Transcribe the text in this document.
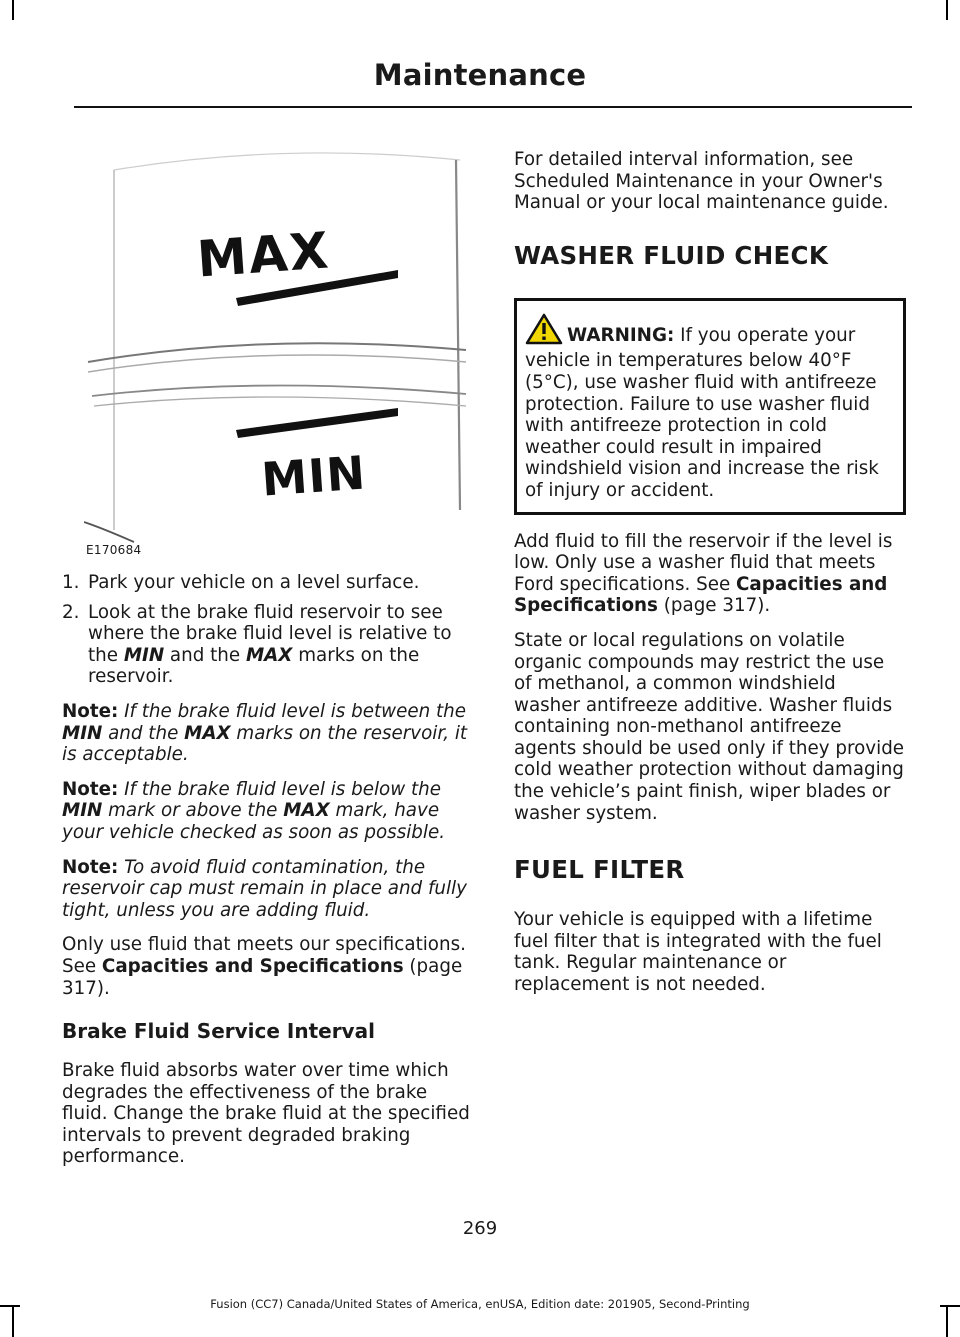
Maintenance
MAX
MIN
E170684
1. Park your vehicle on a level surface.
2. Look at the brake fluid reservoir to see where the brake fluid level is relative to the MIN and the MAX marks on the reservoir.

Note: If the brake fluid level is between the MIN and the MAX marks on the reservoir, it is acceptable.

Note: If the brake fluid level is below the MIN mark or above the MAX mark, have your vehicle checked as soon as possible.

Note: To avoid fluid contamination, the reservoir cap must remain in place and fully tight, unless you are adding fluid.

Only use fluid that meets our specifications. See Capacities and Specifications (page 317).

Brake Fluid Service Interval

Brake fluid absorbs water over time which degrades the effectiveness of the brake fluid. Change the brake fluid at the specified intervals to prevent degraded braking performance.

For detailed interval information, see Scheduled Maintenance in your Owner's Manual or your local maintenance guide.

WASHER FLUID CHECK
WARNING: If you operate your vehicle in temperatures below 40°F (5°C), use washer fluid with antifreeze protection. Failure to use washer fluid with antifreeze protection in cold weather could result in impaired windshield vision and increase the risk of injury or accident.

Add fluid to fill the reservoir if the level is low. Only use a washer fluid that meets Ford specifications. See Capacities and Specifications (page 317).

State or local regulations on volatile organic compounds may restrict the use of methanol, a common windshield washer antifreeze additive. Washer fluids containing non-methanol antifreeze agents should be used only if they provide cold weather protection without damaging the vehicle’s paint finish, wiper blades or washer system.

FUEL FILTER

Your vehicle is equipped with a lifetime fuel filter that is integrated with the fuel tank. Regular maintenance or replacement is not needed.

269
Fusion (CC7) Canada/United States of America, enUSA, Edition date: 201905, Second-Printing
